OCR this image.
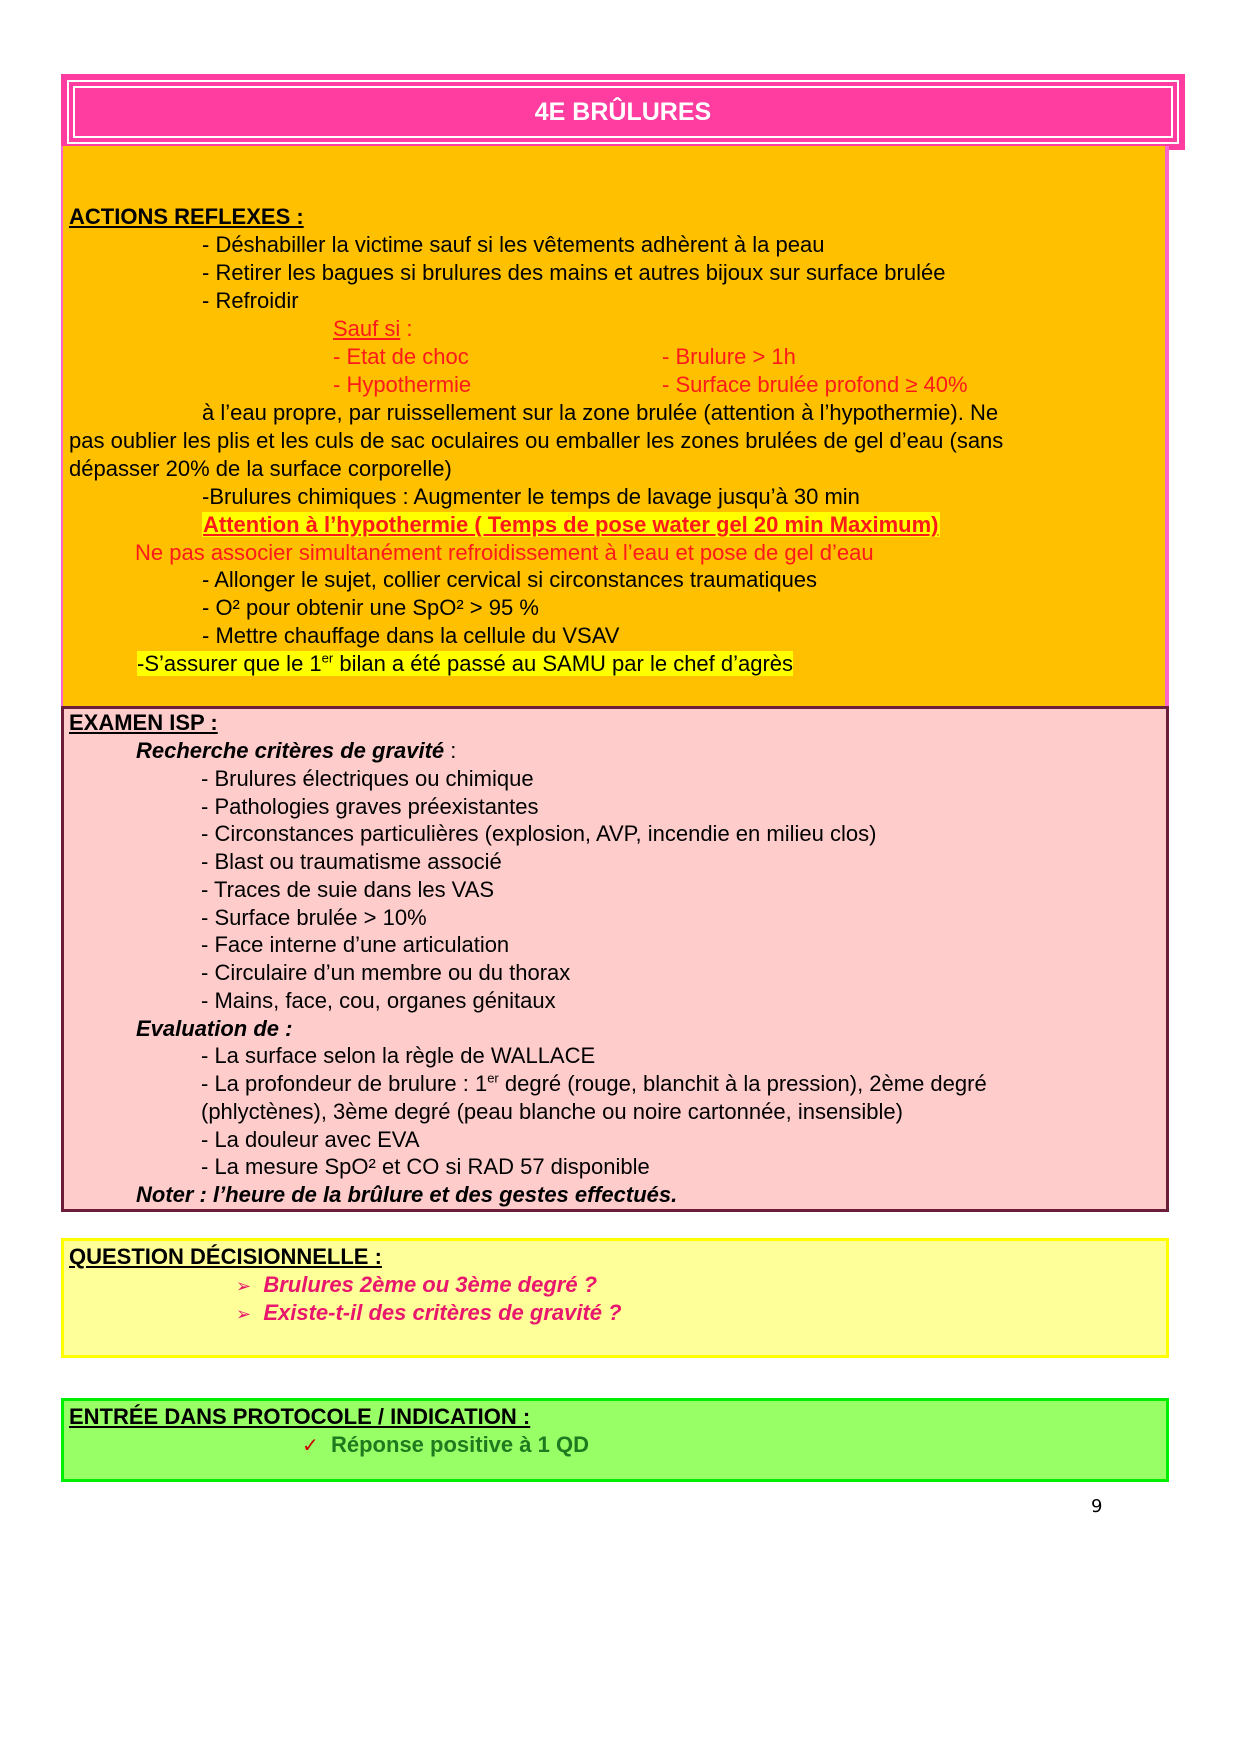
4E BRÛLURES
ACTIONS REFLEXES :
- Déshabiller la victime sauf si les vêtements adhèrent à la peau
- Retirer les bagues si brulures des mains et autres bijoux sur surface brulée
- Refroidir
Sauf si :
- Etat de choc	- Brulure > 1h
- Hypothermie	- Surface brulée profond ≥ 40%
à l’eau propre, par ruissellement sur la zone brulée (attention à l’hypothermie). Ne
pas oublier les plis et les culs de sac oculaires ou emballer les zones brulées de gel d’eau (sans
dépasser 20% de la surface corporelle)
-Brulures chimiques : Augmenter le temps de lavage jusqu’à 30 min
Attention à l’hypothermie ( Temps de pose water gel 20 min Maximum)
Ne pas associer simultanément refroidissement à l’eau et pose de gel d’eau
- Allonger le sujet, collier cervical si circonstances traumatiques
- O² pour obtenir une SpO² > 95 %
- Mettre chauffage dans la cellule du VSAV
-S’assurer que le 1er bilan a été passé au SAMU par le chef d’agrès
EXAMEN ISP :
Recherche critères de gravité :
- Brulures électriques ou chimique
- Pathologies graves préexistantes
- Circonstances particulières (explosion, AVP, incendie en milieu clos)
- Blast ou traumatisme associé
- Traces de suie dans les VAS
- Surface brulée > 10%
- Face interne d’une articulation
- Circulaire d’un membre ou du thorax
- Mains, face, cou, organes génitaux
Evaluation de :
- La surface selon la règle de WALLACE
- La profondeur de brulure : 1er degré (rouge, blanchit à la pression), 2ème degré
(phlyctènes), 3ème degré (peau blanche ou noire cartonnée, insensible)
- La douleur avec EVA
- La mesure SpO² et CO si RAD 57 disponible
Noter : l’heure de la brûlure et des gestes effectués.
QUESTION DÉCISIONNELLE :
➢ Brulures 2ème ou 3ème degré ?
➢ Existe-t-il des critères de gravité ?
ENTRÉE DANS PROTOCOLE / INDICATION :
✓ Réponse positive à 1 QD
9
